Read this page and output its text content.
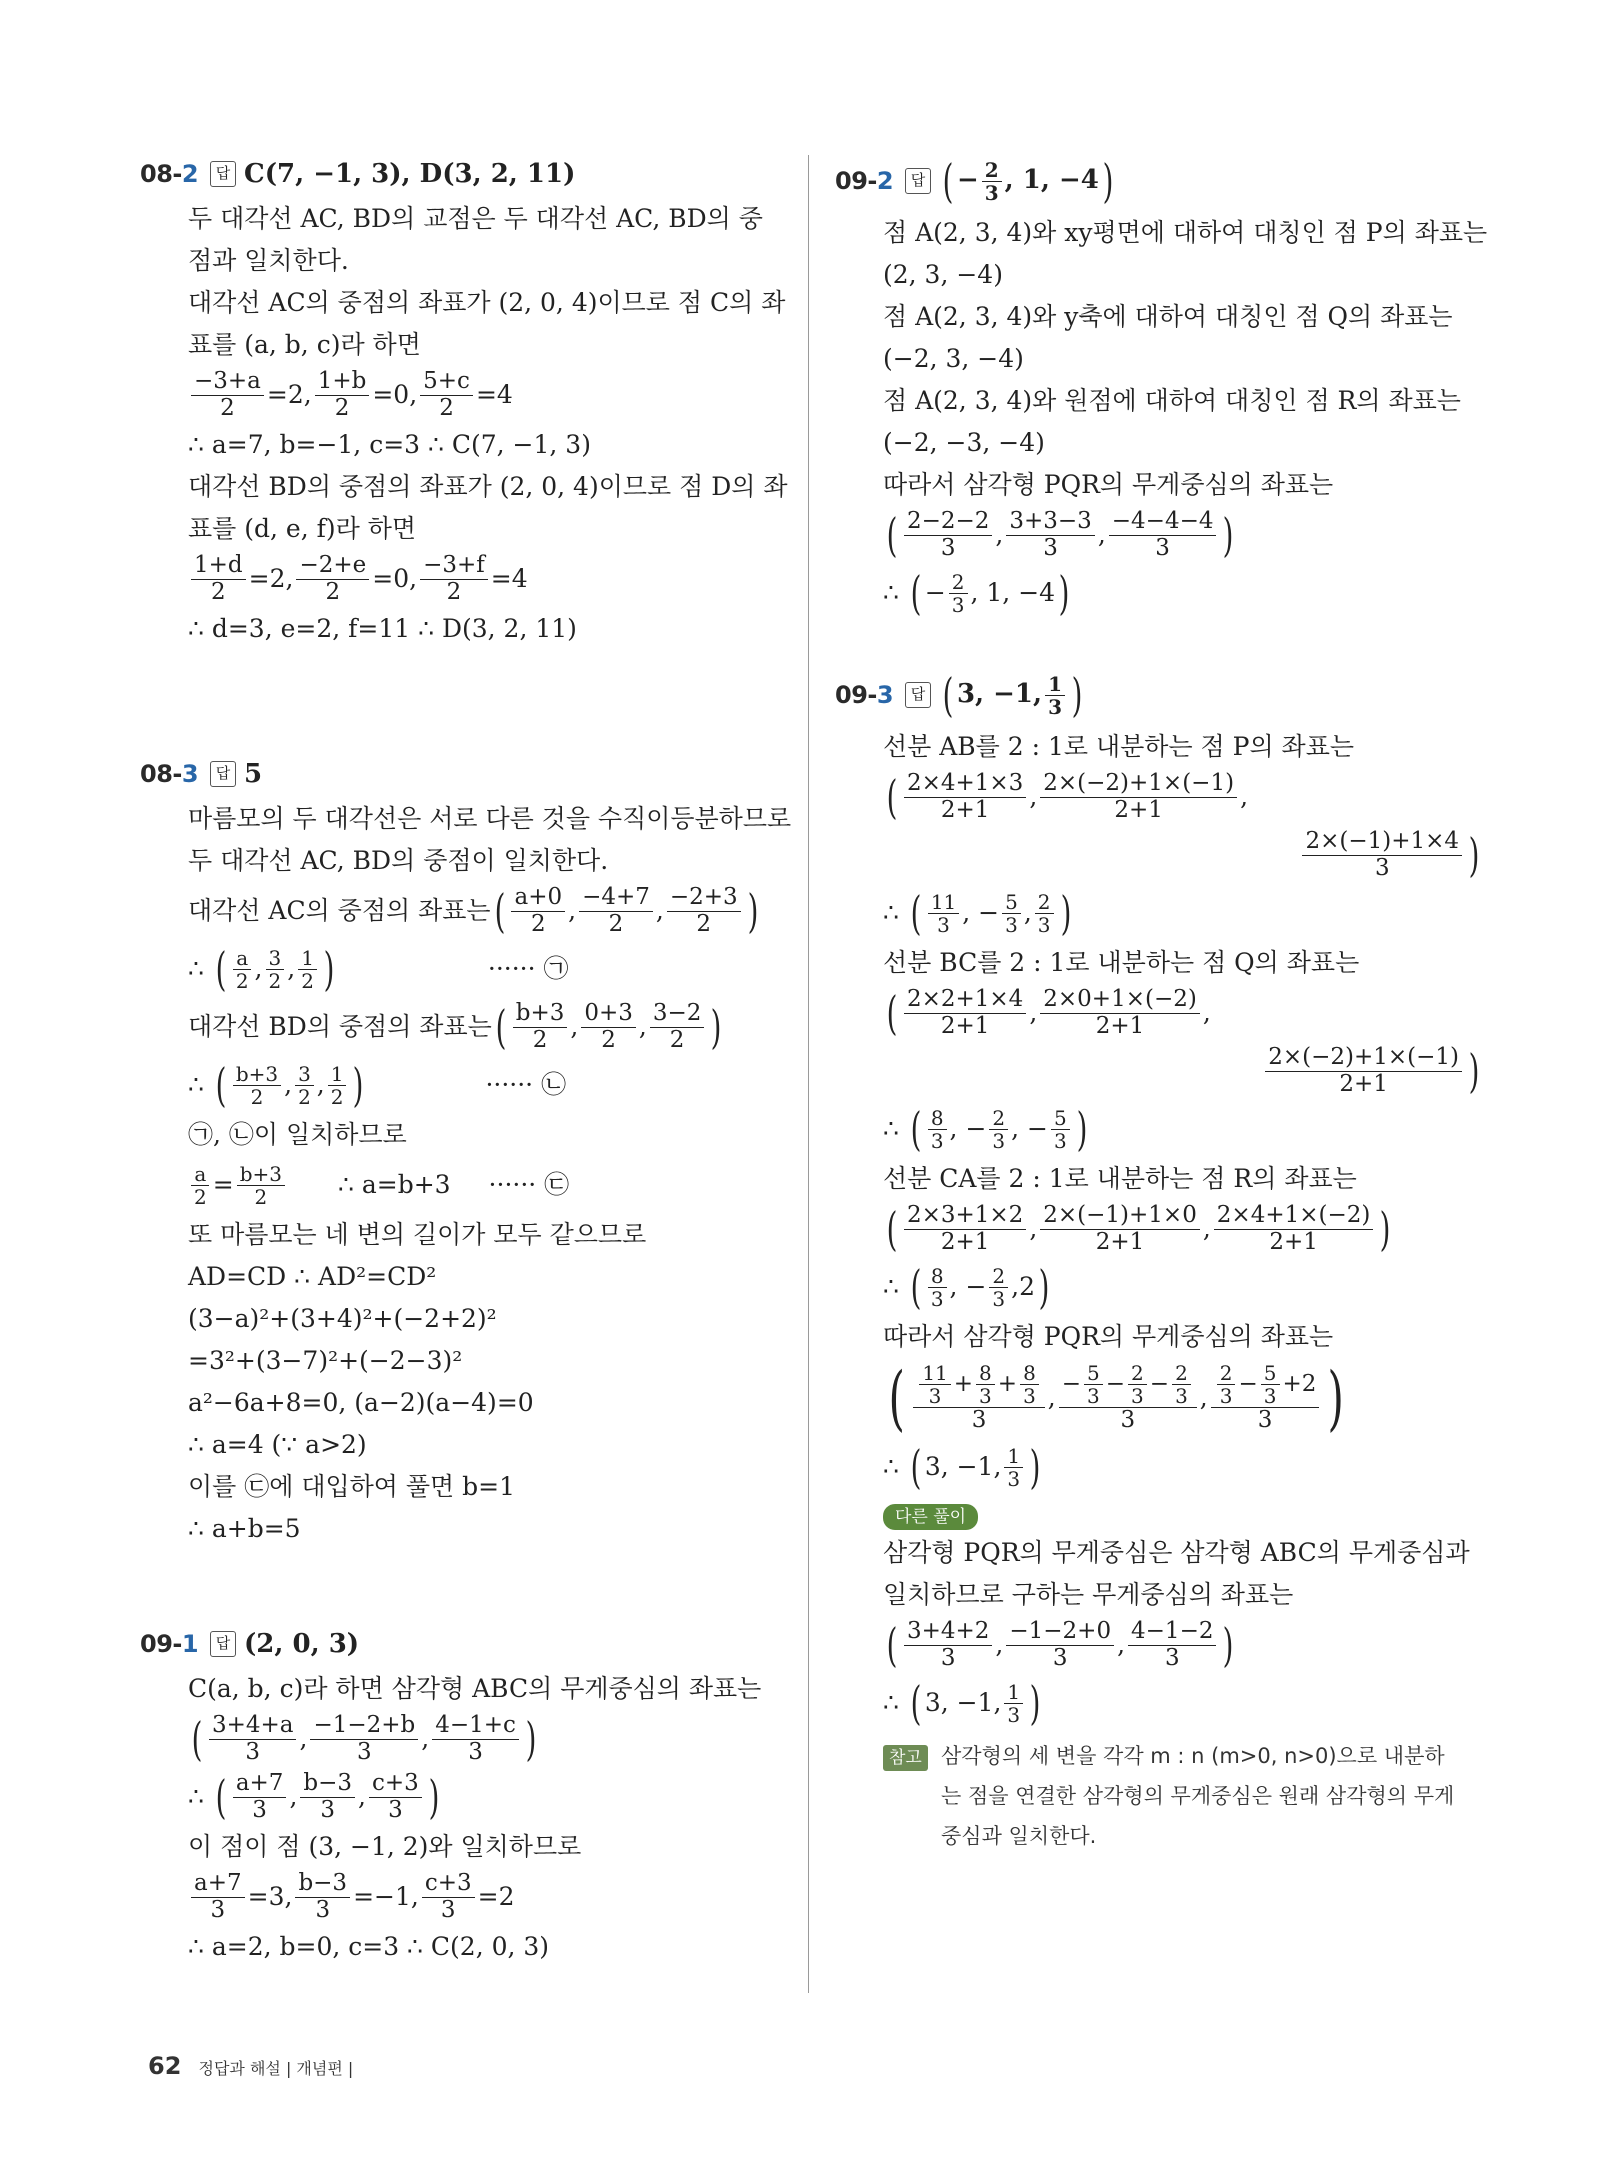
08-2	답 C(7, −1, 3), D(3, 2, 11)
두 대각선 AC, BD의 교점은 두 대각선 AC, BD의 중
점과 일치한다.
대각선 AC의 중점의 좌표가 (2, 0, 4)이므로 점 C의 좌
표를 (a, b, c)라 하면
$\frac{-3+a}{2} =2$, $\frac{1+b}{2} =0$, $\frac{5+c}{2} =4$
∴ a=7, b=−1, c=3 ∴ C(7, −1, 3)
대각선 BD의 중점의 좌표가 (2, 0, 4)이므로 점 D의 좌
표를 (d, e, f)라 하면
$\frac{1+d}{2} =2$, $\frac{-2+e}{2} =0$, $\frac{-3+f}{2} =4$
∴ d=3, e=2, f=11 ∴ D(3, 2, 11)
08-3	답 5
마름모의 두 대각선은 서로 다른 것을 수직이등분하므로
두 대각선 AC, BD의 중점이 일치한다.
대각선 AC의 중점의 좌표는 ( $\frac{a+0}{2}$ , $\frac{-4+7}{2}$ , $\frac{-2+3}{2}$ )
∴
( $\frac{a}{2}$ , $\frac{3}{2}$ , $\frac{1}{2}$ )	······ ㉠
대각선 BD의 중점의 좌표는 ( $\frac{b+3}{2}$ , $\frac{0+3}{2}$ , $\frac{3-2}{2}$ )
∴
( $\frac{b+3}{2}$ , $\frac{3}{2}$ , $\frac{1}{2}$ )	······ ㉡
㉠, ㉡이 일치하므로
$\frac{a}{2} = \frac{b+3}{2}$ ∴ a=b+3 ······ ㉢
또 마름모는 네 변의 길이가 모두 같으므로
AD=CD ∴ AD²=CD²
(3−a)²+(3+4)²+(−2+2)²
=3²+(3−7)²+(−2−3)²
a²−6a+8=0, (a−2)(a−4)=0
∴ a=4 (∵ a>2)
이를 ㉢에 대입하여 풀면 b=1
∴ a+b=5
09-1	답 (2, 0, 3)
C(a, b, c)라 하면 삼각형 ABC의 무게중심의 좌표는
( $\frac{3+4+a}{3}$ , $\frac{-1-2+b}{3}$ , $\frac{4-1+c}{3}$ )
∴
( $\frac{a+7}{3}$ , $\frac{b-3}{3}$ , $\frac{c+3}{3}$ )
이 점이 점 (3, −1, 2)와 일치하므로
$\frac{a+7}{3} =3$, $\frac{b-3}{3} =-1$, $\frac{c+3}{3} =2$
∴ a=2, b=0, c=3 ∴ C(2, 0, 3)
09-2	답 ( − $\frac{2}{3}$ , 1, −4)
점 A(2, 3, 4)와 xy평면에 대하여 대칭인 점 P의 좌표는
(2, 3, −4)
점 A(2, 3, 4)와 y축에 대하여 대칭인 점 Q의 좌표는
(−2, 3, −4)
점 A(2, 3, 4)와 원점에 대하여 대칭인 점 R의 좌표는
(−2, −3, −4)
따라서 삼각형 PQR의 무게중심의 좌표는
( $\frac{2-2-2}{3}$ , $\frac{3+3-3}{3}$ , $\frac{-4-4-4}{3}$ )
∴
( − $\frac{2}{3}$ , 1, −4 )
09-3	답 ( 3, −1, $\frac{1}{3}$ )
선분 AB를 2 : 1로 내분하는 점 P의 좌표는
( $\frac{2\times 4+1\times 3}{2+1}$ , $\frac{2\times(-2)+1\times(-1)}{2+1}$ ,
$\frac{2\times(-1)+1\times 4}{3}$ )
∴
( $\frac{11}{3}$ , − $\frac{5}{3}$ , $\frac{2}{3}$ )
선분 BC를 2 : 1로 내분하는 점 Q의 좌표는
( $\frac{2\times 2+1\times 4}{2+1}$ , $\frac{2\times 0+1\times(-2)}{2+1}$ ,
$\frac{2\times(-2)+1\times(-1)}{2+1}$ )
∴
( $\frac{8}{3}$ , − $\frac{2}{3}$ , − $\frac{5}{3}$ )
선분 CA를 2 : 1로 내분하는 점 R의 좌표는
( $\frac{2\times 3+1\times 2}{2+1}$ , $\frac{2\times(-1)+1\times 0}{2+1}$ , $\frac{2\times 4+1\times(-2)}{2+1}$ )
∴
( $\frac{8}{3}$ , − $\frac{2}{3}$ , 2 )
따라서 삼각형 PQR의 무게중심의 좌표는
( $\frac{\frac{11}{3} + \frac{8}{3} + \frac{8}{3}}{3}$ , $\frac{- \frac{5}{3} - \frac{2}{3} - \frac{2}{3}}{3}$ , $\frac{\frac{2}{3} - \frac{5}{3} + 2}{3}$ )
∴
( 3, −1, $\frac{1}{3}$ )
다른 풀이
삼각형 PQR의 무게중심은 삼각형 ABC의 무게중심과
일치하므로 구하는 무게중심의 좌표는
( $\frac{3+4+2}{3}$ , $\frac{-1-2+0}{3}$ , $\frac{4-1-2}{3}$ )
∴
( 3, −1, $\frac{1}{3}$ )
참고 삼각형의 세 변을 각각 m : n (m>0, n>0)으로 내분하
는 점을 연결한 삼각형의 무게중심은 원래 삼각형의 무게
중심과 일치한다.
62 정답과 해설 | 개념편 |
